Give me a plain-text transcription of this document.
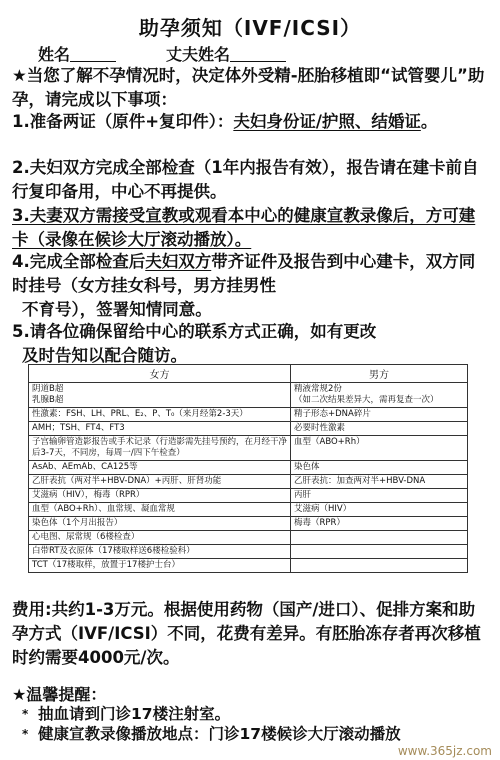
助孕须知（IVF/ICSI）
姓名	丈夫姓名
★当您了解不孕情况时，决定体外受精-胚胎移植即“试管婴儿”助孕，请完成以下事项：
1.准备两证（原件+复印件）：夫妇身份证/护照、结婚证。
2.夫妇双方完成全部检查（1年内报告有效），报告请在建卡前自行复印备用，中心不再提供。
3.夫妻双方需接受宣教或观看本中心的健康宣教录像后，方可建卡（录像在候诊大厅滚动播放）。
4.完成全部检查后夫妇双方带齐证件及报告到中心建卡，双方同时挂号（女方挂女科号，男方挂男性
不育号），签署知情同意。
5.请各位确保留给中心的联系方式正确，如有更改
及时告知以配合随访。
女方	男方
阴道B超
乳腺B超	精液常规2份
（如二次结果差异大，需再复查一次）
性激素：FSH、LH、PRL、E₂、P、T₀（来月经第2-3天）	精子形态+DNA碎片
AMH；TSH、FT4、FT3	必要时性激素
子宫输卵管造影报告或手术记录（行造影需先挂号预约，在月经干净后3-7天，不同房，每周一/四下午检查）	血型（ABO+Rh）
AsAb、AEmAb、CA125等	染色体
乙肝表抗（两对半+HBV-DNA）+丙肝、肝肾功能	乙肝表抗：加查两对半+HBV-DNA
艾滋病（HIV），梅毒（RPR）	丙肝
血型（ABO+Rh）、血常规、凝血常规	艾滋病（HIV）
染色体（1个月出报告）	梅毒（RPR）
心电图、尿常规（6楼检查）	
白带RT及衣原体（17楼取样送6楼检验科）	
TCT（17楼取样，放置于17楼护士台）	
费用:共约1-3万元。根据使用药物（国产/进口）、促排方案和助孕方式（IVF/ICSI）不同，花费有差异。有胚胎冻存者再次移植时约需要4000元/次。
★温馨提醒：
* 抽血请到门诊17楼注射室。
* 健康宣教录像播放地点：门诊17楼候诊大厅滚动播放
www.365jz.com
